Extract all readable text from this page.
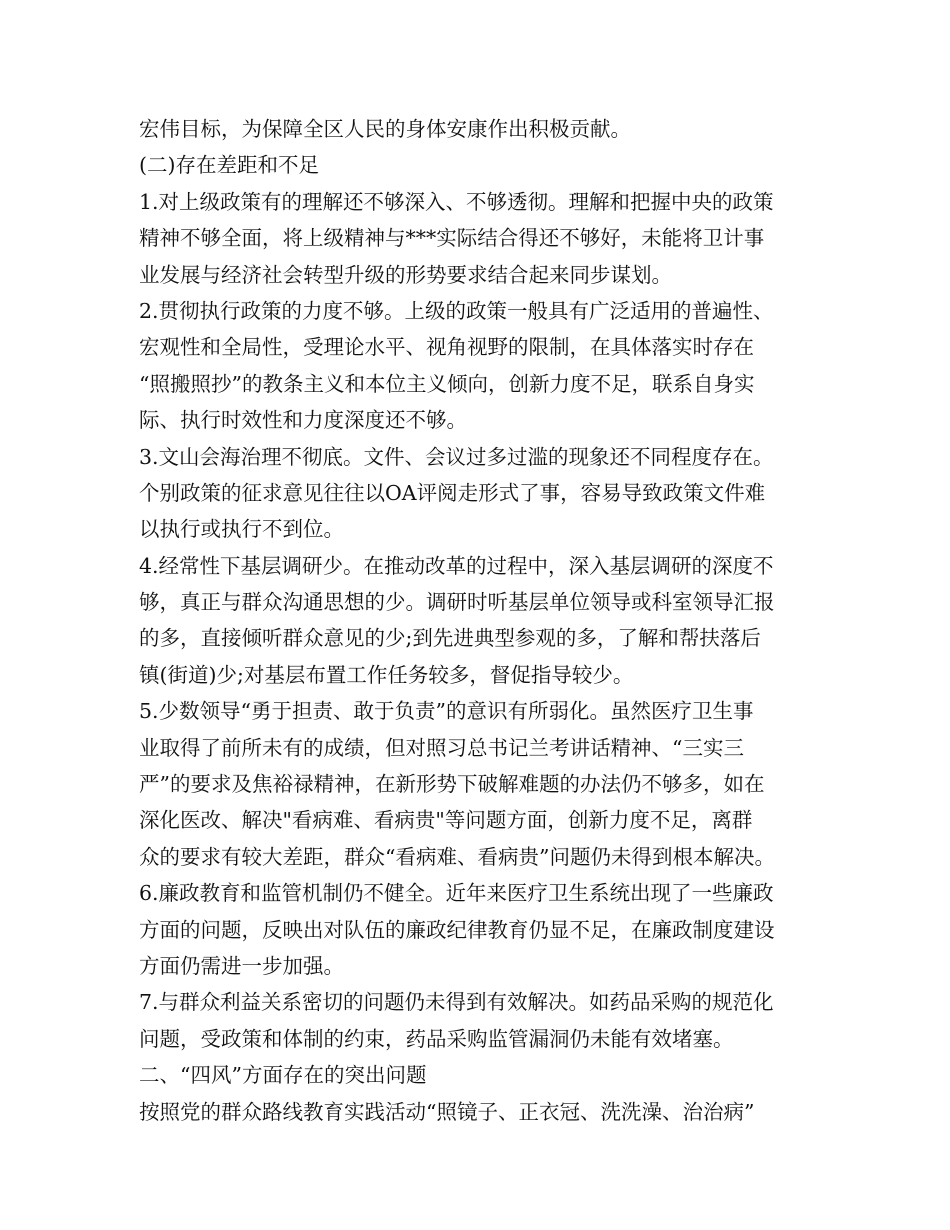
宏伟目标，为保障全区人民的身体安康作出积极贡献。
(二)存在差距和不足
1.对上级政策有的理解还不够深入、不够透彻。理解和把握中央的政策
精神不够全面，将上级精神与***实际结合得还不够好，未能将卫计事
业发展与经济社会转型升级的形势要求结合起来同步谋划。
2.贯彻执行政策的力度不够。上级的政策一般具有广泛适用的普遍性、
宏观性和全局性，受理论水平、视角视野的限制，在具体落实时存在
“照搬照抄”的教条主义和本位主义倾向，创新力度不足，联系自身实
际、执行时效性和力度深度还不够。
3.文山会海治理不彻底。文件、会议过多过滥的现象还不同程度存在。
个别政策的征求意见往往以OA评阅走形式了事，容易导致政策文件难
以执行或执行不到位。
4.经常性下基层调研少。在推动改革的过程中，深入基层调研的深度不
够，真正与群众沟通思想的少。调研时听基层单位领导或科室领导汇报
的多，直接倾听群众意见的少;到先进典型参观的多，了解和帮扶落后
镇(街道)少;对基层布置工作任务较多，督促指导较少。
5.少数领导“勇于担责、敢于负责”的意识有所弱化。虽然医疗卫生事
业取得了前所未有的成绩，但对照习总书记兰考讲话精神、“三实三
严”的要求及焦裕禄精神，在新形势下破解难题的办法仍不够多，如在
深化医改、解决"看病难、看病贵"等问题方面，创新力度不足，离群
众的要求有较大差距，群众“看病难、看病贵”问题仍未得到根本解决。
6.廉政教育和监管机制仍不健全。近年来医疗卫生系统出现了一些廉政
方面的问题，反映出对队伍的廉政纪律教育仍显不足，在廉政制度建设
方面仍需进一步加强。
7.与群众利益关系密切的问题仍未得到有效解决。如药品采购的规范化
问题，受政策和体制的约束，药品采购监管漏洞仍未能有效堵塞。
二、“四风”方面存在的突出问题
按照党的群众路线教育实践活动“照镜子、正衣冠、洗洗澡、治治病”
